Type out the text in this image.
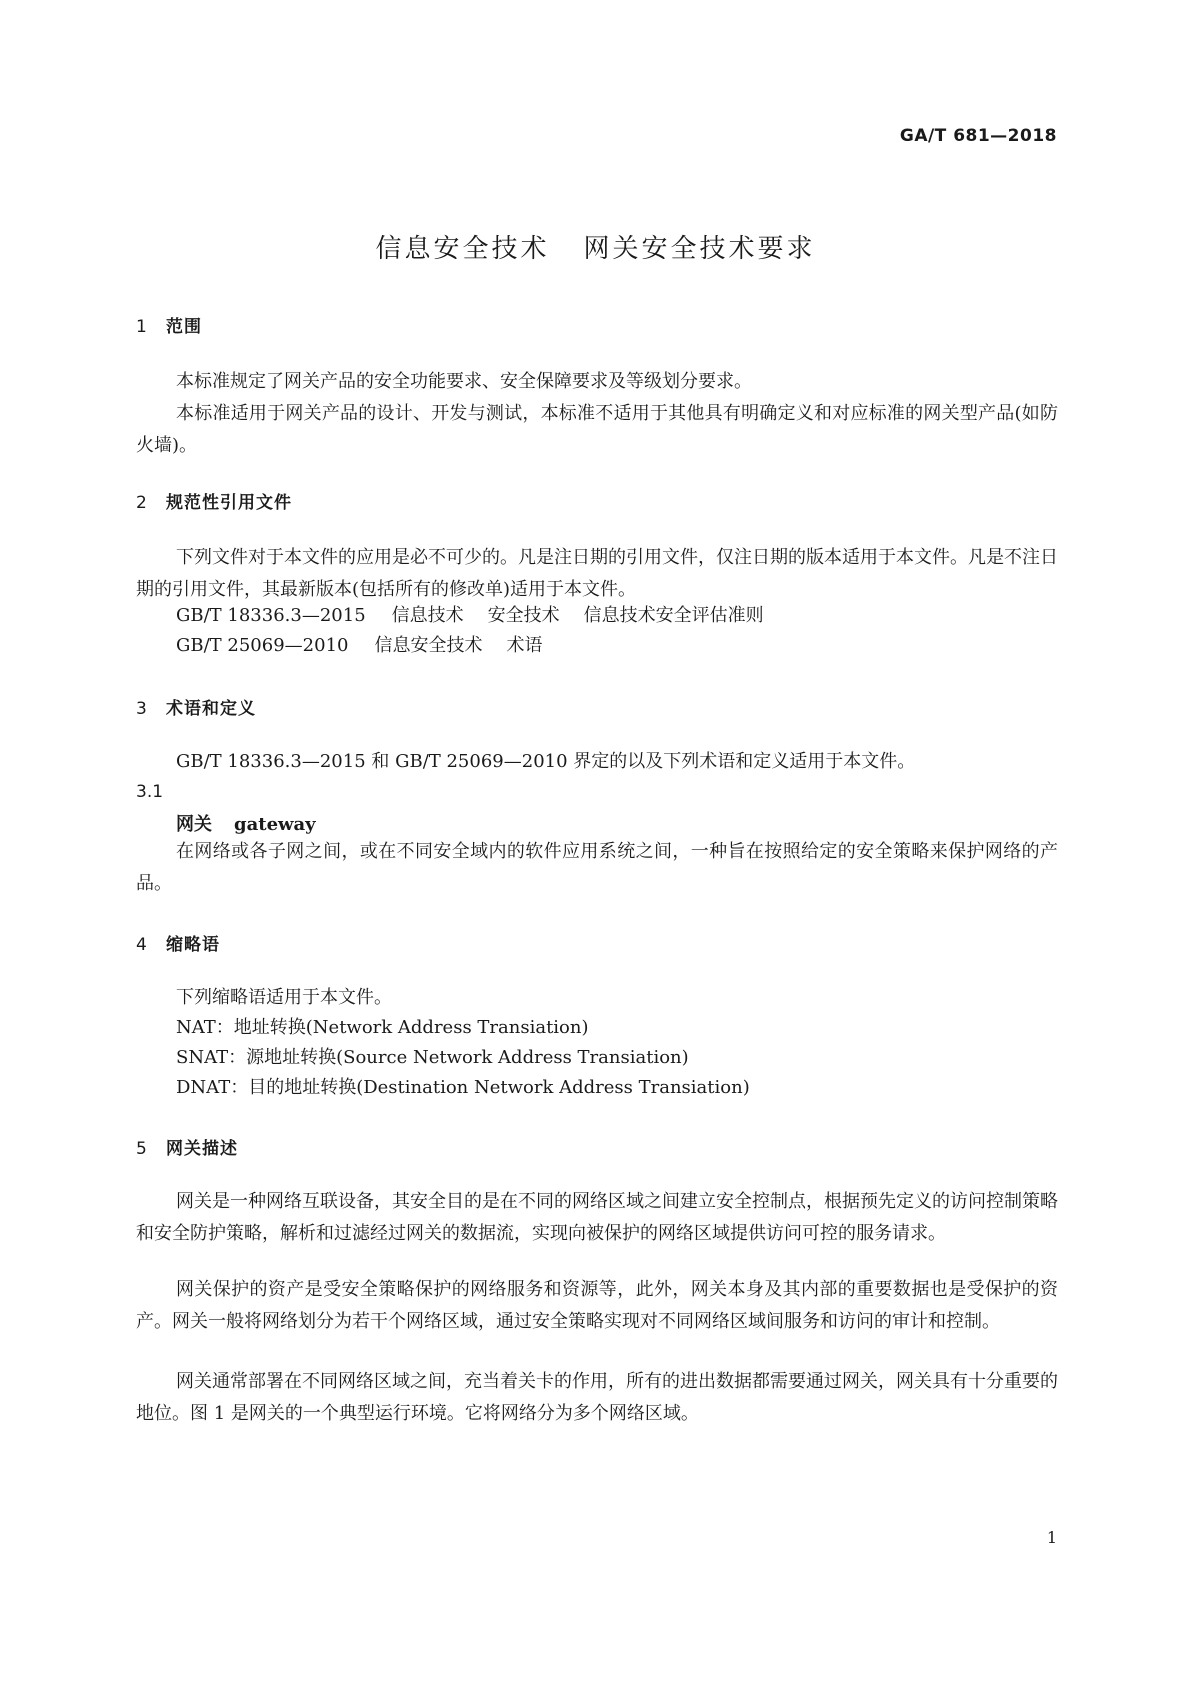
GA/T 681—2018
信息安全技术 网关安全技术要求
1 范围
本标准规定了网关产品的安全功能要求、安全保障要求及等级划分要求。
本标准适用于网关产品的设计、开发与测试，本标准不适用于其他具有明确定义和对应标准的网关型产品(如防火墙)。
2 规范性引用文件
下列文件对于本文件的应用是必不可少的。凡是注日期的引用文件，仅注日期的版本适用于本文件。凡是不注日期的引用文件，其最新版本(包括所有的修改单)适用于本文件。
GB/T 18336.3—2015 信息技术 安全技术 信息技术安全评估准则
GB/T 25069—2010 信息安全技术 术语
3 术语和定义
GB/T 18336.3—2015 和 GB/T 25069—2010 界定的以及下列术语和定义适用于本文件。
3.1
网关 gateway
在网络或各子网之间，或在不同安全域内的软件应用系统之间，一种旨在按照给定的安全策略来保护网络的产品。
4 缩略语
下列缩略语适用于本文件。
NAT：地址转换(Network Address Transiation)
SNAT：源地址转换(Source Network Address Transiation)
DNAT：目的地址转换(Destination Network Address Transiation)
5 网关描述
网关是一种网络互联设备，其安全目的是在不同的网络区域之间建立安全控制点，根据预先定义的访问控制策略和安全防护策略，解析和过滤经过网关的数据流，实现向被保护的网络区域提供访问可控的服务请求。
网关保护的资产是受安全策略保护的网络服务和资源等，此外，网关本身及其内部的重要数据也是受保护的资产。网关一般将网络划分为若干个网络区域，通过安全策略实现对不同网络区域间服务和访问的审计和控制。
网关通常部署在不同网络区域之间，充当着关卡的作用，所有的进出数据都需要通过网关，网关具有十分重要的地位。图 1 是网关的一个典型运行环境。它将网络分为多个网络区域。
1
